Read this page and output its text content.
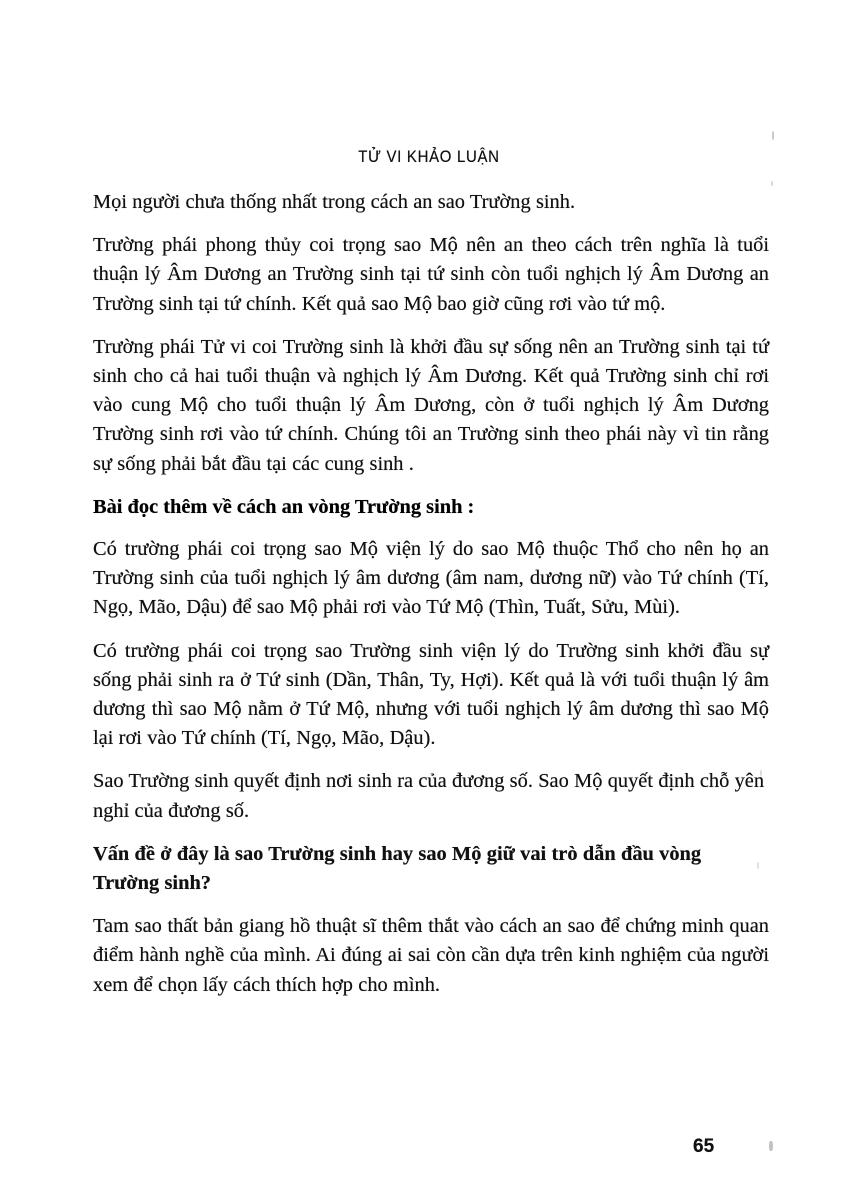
TỬ VI KHẢO LUẬN

Mọi người chưa thống nhất trong cách an sao Trường sinh.

Trường phái phong thủy coi trọng sao Mộ nên an theo cách trên nghĩa là tuổi thuận lý Âm Dương an Trường sinh tại tứ sinh còn tuổi nghịch lý Âm Dương an Trường sinh tại tứ chính. Kết quả sao Mộ bao giờ cũng rơi vào tứ mộ.

Trường phái Tử vi coi Trường sinh là khởi đầu sự sống nên an Trường sinh tại tứ sinh cho cả hai tuổi thuận và nghịch lý Âm Dương. Kết quả Trường sinh chỉ rơi vào cung Mộ cho tuổi thuận lý Âm Dương, còn ở tuổi nghịch lý Âm Dương Trường sinh rơi vào tứ chính. Chúng tôi an Trường sinh theo phái này vì tin rằng sự sống phải bắt đầu tại các cung sinh .

Bài đọc thêm về cách an vòng Trường sinh :

Có trường phái coi trọng sao Mộ viện lý do sao Mộ thuộc Thổ cho nên họ an Trường sinh của tuổi nghịch lý âm dương (âm nam, dương nữ) vào Tứ chính (Tí, Ngọ, Mão, Dậu) để sao Mộ phải rơi vào Tứ Mộ (Thìn, Tuất, Sửu, Mùi).

Có trường phái coi trọng sao Trường sinh viện lý do Trường sinh khởi đầu sự sống phải sinh ra ở Tứ sinh (Dần, Thân, Ty, Hợi). Kết quả là với tuổi thuận lý âm dương thì sao Mộ nằm ở Tứ Mộ, nhưng với tuổi nghịch lý âm dương thì sao Mộ lại rơi vào Tứ chính (Tí, Ngọ, Mão, Dậu).

Sao Trường sinh quyết định nơi sinh ra của đương số. Sao Mộ quyết định chỗ yên nghỉ của đương số.

Vấn đề ở đây là sao Trường sinh hay sao Mộ giữ vai trò dẫn đầu vòng Trường sinh?

Tam sao thất bản giang hồ thuật sĩ thêm thắt vào cách an sao để chứng minh quan điểm hành nghề của mình. Ai đúng ai sai còn cần dựa trên kinh nghiệm của người xem để chọn lấy cách thích hợp cho mình.

65
